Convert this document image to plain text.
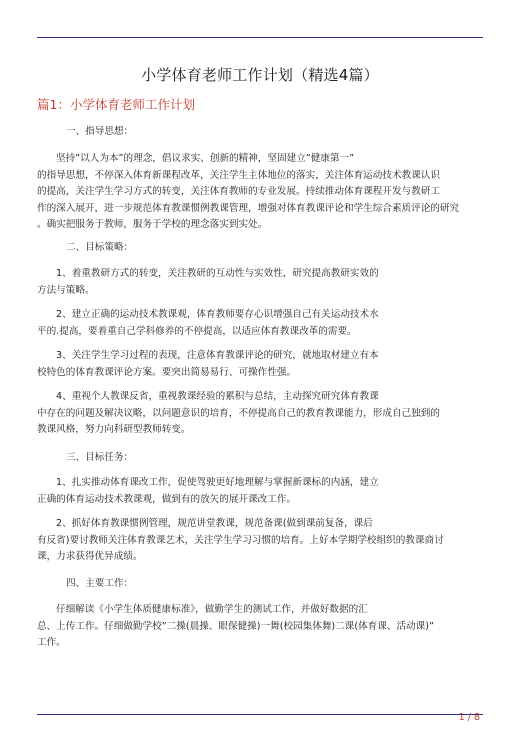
小学体育老师工作计划（精选4篇）
篇1：小学体育老师工作计划
一、指导思想：
坚持”以人为本”的理念，倡议求实、创新的精神，坚固建立”健康第一”
的指导思想，不停深入体育新课程改革，关注学生主体地位的落实，关注体育运动技术教课认识
的提高，关注学生学习方式的转变，关注体育教师的专业发展。持续推动体育课程开发与教研工
作的深入展开，进一步规范体育教课惯例教课管理，增强对体育教课评论和学生综合素质评论的研究
。确实把服务于教师，服务于学校的理念落实到实处。
二、目标策略：
1、着重教研方式的转变，关注教研的互动性与实效性，研究提高教研实效的
方法与策略。
2、建立正确的运动技术教课观，体育教师要存心识增强自己有关运动技术水
平的.提高，要着重自己学科修养的不停提高，以适应体育教课改革的需要。
3、关注学生学习过程的表现，注意体育教课评论的研究，就地取材建立有本
校特色的体育教课评论方案。要突出简易易行、可操作性强。
4、重视个人教课反省，重视教课经验的累积与总结，主动探究研究体育教课
中存在的问题及解决议略，以问题意识的培育，不停提高自己的教育教课能力，形成自己独到的
教课风格，努力向科研型教师转变。
三、目标任务：
1、扎实推动体育课改工作，促使驾驶更好地理解与掌握新课标的内涵，建立
正确的体育运动技术教课观，做到有的放矢的展开课改工作。
2、抓好体育教课惯例管理，规范讲堂教课，规范备课(做到课前复备，课后
有反省)要讨教师关注体育教课艺术，关注学生学习习惯的培育。上好本学期学校组织的教课商讨
课，力求获得优异成绩。
四、主要工作：
仔细解读《小学生体质健康标准》，做勤学生的测试工作，并做好数据的汇
总、上传工作。仔细做勤学校”二操(晨操、眼保健操)一舞(校园集体舞)二课(体育课、活动课)”
工作。
1 / 8
